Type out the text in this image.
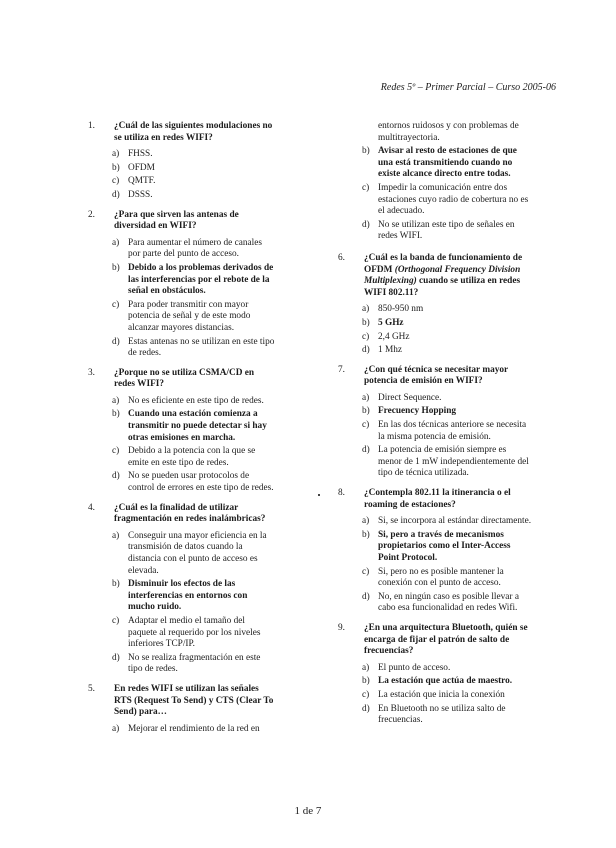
Redes 5º – Primer Parcial – Curso 2005-06
1.	¿Cuál de las siguientes modulaciones no se utiliza en redes WIFI?
a) FHSS.
b) OFDM
c) QMTF.
d) DSSS.
2.	¿Para que sirven las antenas de diversidad en WIFI?
a) Para aumentar el número de canales por parte del punto de acceso.
b) Debido a los problemas derivados de las interferencias por el rebote de la señal en obstáculos.
c) Para poder transmitir con mayor potencia de señal y de este modo alcanzar mayores distancias.
d) Estas antenas no se utilizan en este tipo de redes.
3.	¿Porque no se utiliza CSMA/CD en redes WIFI?
a) No es eficiente en este tipo de redes.
b) Cuando una estación comienza a transmitir no puede detectar si hay otras emisiones en marcha.
c) Debido a la potencia con la que se emite en este tipo de redes.
d) No se pueden usar protocolos de control de errores en este tipo de redes.
4.	¿Cuál es la finalidad de utilizar fragmentación en redes inalámbricas?
a) Conseguir una mayor eficiencia en la transmisión de datos cuando la distancia con el punto de acceso es elevada.
b) Disminuir los efectos de las interferencias en entornos con mucho ruido.
c) Adaptar el medio el tamaño del paquete al requerido por los niveles inferiores TCP/IP.
d) No se realiza fragmentación en este tipo de redes.
5.	En redes WIFI se utilizan las señales RTS (Request To Send) y CTS (Clear To Send) para…
a) Mejorar el rendimiento de la red en
entornos ruidosos y con problemas de multitrayectoria.
b) Avisar al resto de estaciones de que una está transmitiendo cuando no existe alcance directo entre todas.
c) Impedir la comunicación entre dos estaciones cuyo radio de cobertura no es el adecuado.
d) No se utilizan este tipo de señales en redes WIFI.
6.	¿Cuál es la banda de funcionamiento de OFDM (Orthogonal Frequency Division Multiplexing) cuando se utiliza en redes WIFI 802.11?
a) 850-950 nm
b) 5 GHz
c) 2,4 GHz
d) 1 Mhz
7.	¿Con qué técnica se necesitar mayor potencia de emisión en WIFI?
a) Direct Sequence.
b) Frecuency Hopping
c) En las dos técnicas anteriore se necesita la misma potencia de emisión.
d) La potencia de emisión siempre es menor de 1 mW independientemente del tipo de técnica utilizada.
8.	¿Contempla 802.11 la itinerancia o el roaming de estaciones?
a) Si, se incorpora al estándar directamente.
b) Si, pero a través de mecanismos propietarios como el Inter-Access Point Protocol.
c) Si, pero no es posible mantener la conexión con el punto de acceso.
d) No, en ningún caso es posible llevar a cabo esa funcionalidad en redes Wifi.
9.	¿En una arquitectura Bluetooth, quién se encarga de fijar el patrón de salto de frecuencias?
a) El punto de acceso.
b) La estación que actúa de maestro.
c) La estación que inicia la conexión
d) En Bluetooth no se utiliza salto de frecuencias.
1 de 7
